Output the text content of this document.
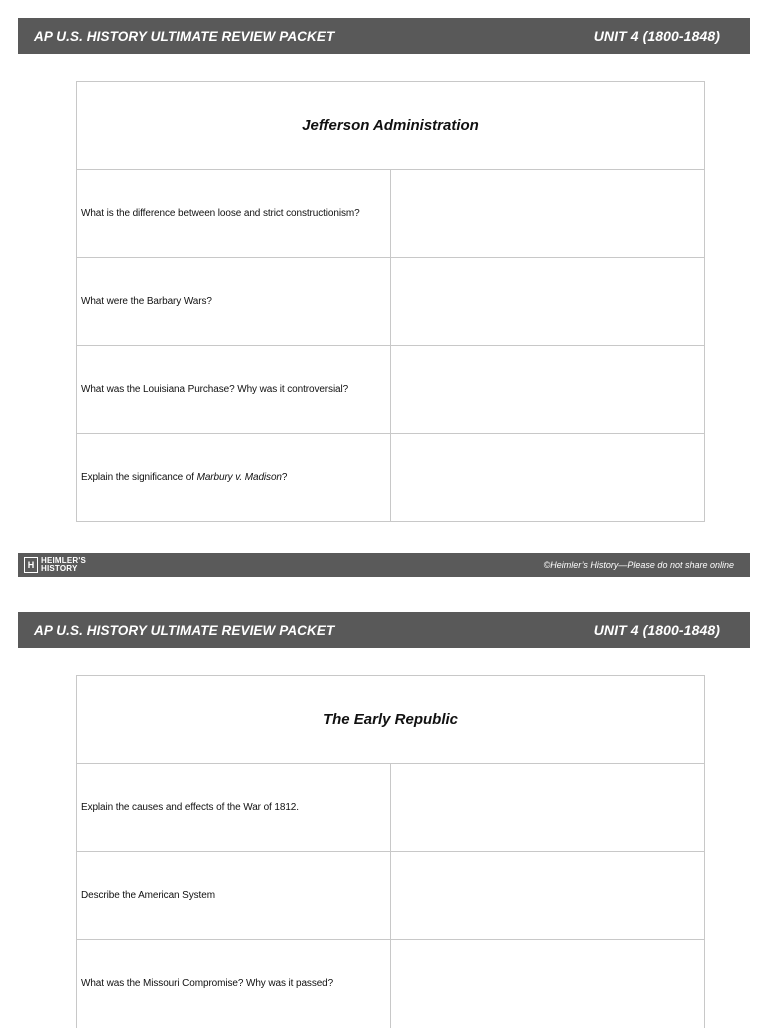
AP U.S. HISTORY ULTIMATE REVIEW PACKET	UNIT 4 (1800-1848)
Jefferson Administration	
What is the difference between loose and strict constructionism?	
What were the Barbary Wars?	
What was the Louisiana Purchase? Why was it controversial?	
Explain the significance of Marbury v. Madison?	
H HEIMLER'S
HISTORY	©Heimler’s History—Please do not share online
AP U.S. HISTORY ULTIMATE REVIEW PACKET	UNIT 4 (1800-1848)
The Early Republic	
Explain the causes and effects of the War of 1812.	
Describe the American System	
What was the Missouri Compromise? Why was it passed?	
